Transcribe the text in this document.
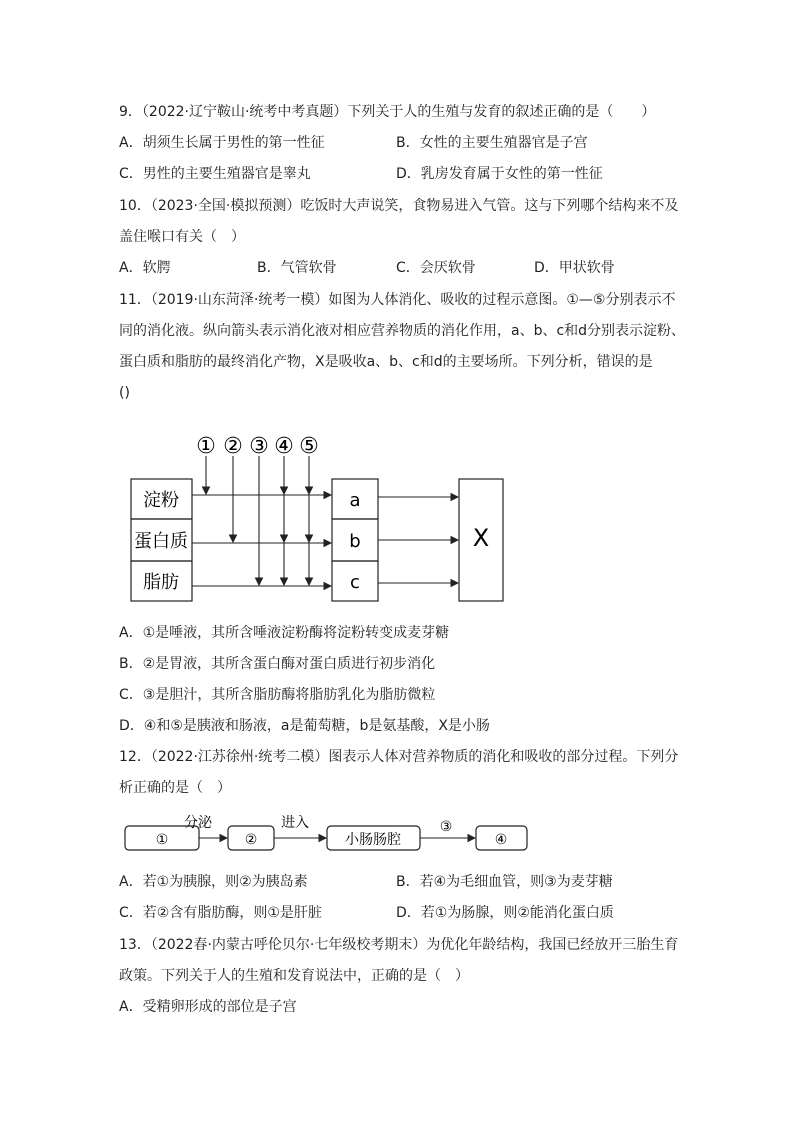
9．（2022·辽宁鞍山·统考中考真题）下列关于人的生殖与发育的叙述正确的是（　　）
A．胡须生长属于男性的第一性征	B．女性的主要生殖器官是子宫
C．男性的主要生殖器官是睾丸	D．乳房发育属于女性的第一性征
10．（2023·全国·模拟预测）吃饭时大声说笑，食物易进入气管。这与下列哪个结构来不及
盖住喉口有关（　）
A．软腭	B．气管软骨	C．会厌软骨	D．甲状软骨
11．（2019·山东菏泽·统考一模）如图为人体消化、吸收的过程示意图。①—⑤分别表示不
同的消化液。纵向箭头表示消化液对相应营养物质的消化作用，a、b、c和d分别表示淀粉、
蛋白质和脂肪的最终消化产物，X是吸收a、b、c和d的主要场所。下列分析，错误的是
()
① ② ③ ④ ⑤
淀粉
蛋白质
脂肪
a
b
c
X
A．①是唾液，其所含唾液淀粉酶将淀粉转变成麦芽糖
B．②是胃液，其所含蛋白酶对蛋白质进行初步消化
C．③是胆汁，其所含脂肪酶将脂肪乳化为脂肪微粒
D．④和⑤是胰液和肠液，a是葡萄糖，b是氨基酸，X是小肠
12．（2022·江苏徐州·统考二模）图表示人体对营养物质的消化和吸收的部分过程。下列分
析正确的是（　）
①
分泌
②
进入
小肠肠腔
③
④
A．若①为胰腺，则②为胰岛素	B．若④为毛细血管，则③为麦芽糖
C．若②含有脂肪酶，则①是肝脏	D．若①为肠腺，则②能消化蛋白质
13．（2022春·内蒙古呼伦贝尔·七年级校考期末）为优化年龄结构，我国已经放开三胎生育
政策。下列关于人的生殖和发育说法中，正确的是（　）
A．受精卵形成的部位是子宫
